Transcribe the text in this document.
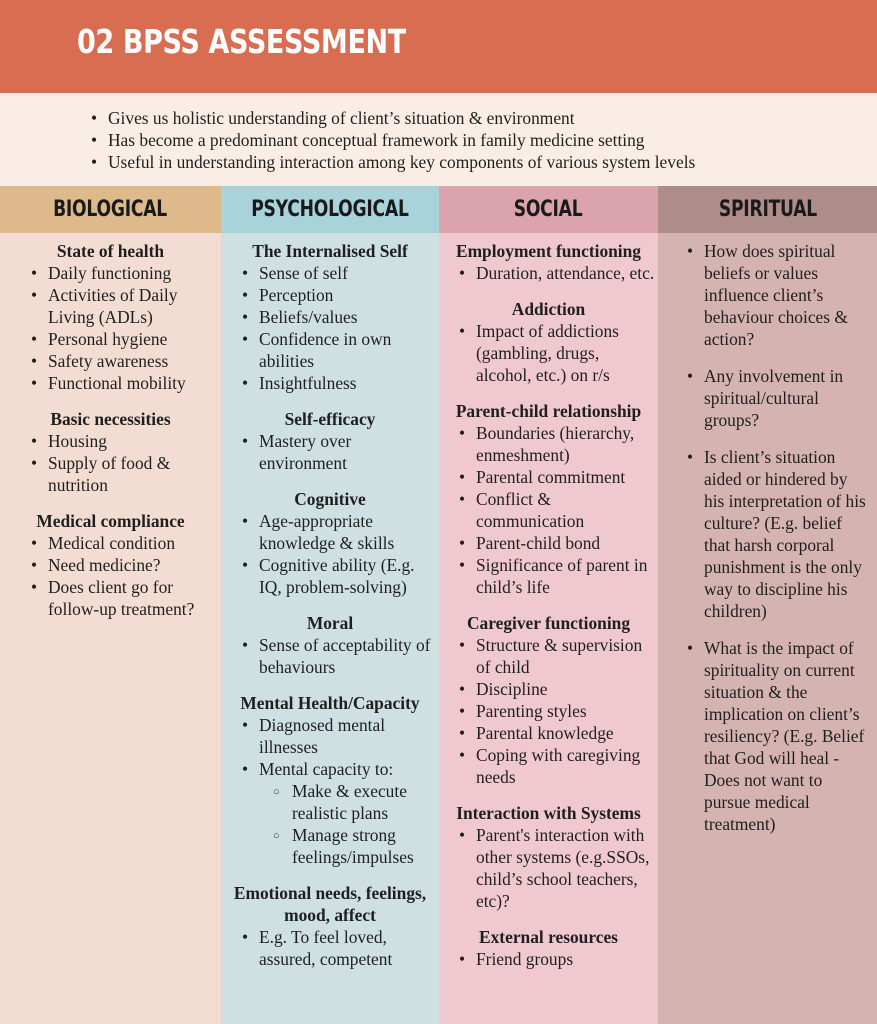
02 BPSS ASSESSMENT
• Gives us holistic understanding of client’s situation & environment
• Has become a predominant conceptual framework in family medicine setting
• Useful in understanding interaction among key components of various system levels
BIOLOGICAL
State of health
• Daily functioning
• Activities of Daily Living (ADLs)
• Personal hygiene
• Safety awareness
• Functional mobility
Basic necessities
• Housing
• Supply of food & nutrition
Medical compliance
• Medical condition
• Need medicine?
• Does client go for follow-up treatment?
PSYCHOLOGICAL
The Internalised Self
• Sense of self
• Perception
• Beliefs/values
• Confidence in own abilities
• Insightfulness
Self-efficacy
• Mastery over environment
Cognitive
• Age-appropriate knowledge & skills
• Cognitive ability (E.g. IQ, problem-solving)
Moral
• Sense of acceptability of behaviours
Mental Health/Capacity
• Diagnosed mental illnesses
• Mental capacity to:
○ Make & execute realistic plans
○ Manage strong feelings/impulses
Emotional needs, feelings, mood, affect
• E.g. To feel loved, assured, competent
SOCIAL
Employment functioning
• Duration, attendance, etc.
Addiction
• Impact of addictions (gambling, drugs, alcohol, etc.) on r/s
Parent-child relationship
• Boundaries (hierarchy, enmeshment)
• Parental commitment
• Conflict & communication
• Parent-child bond
• Significance of parent in child’s life
Caregiver functioning
• Structure & supervision of child
• Discipline
• Parenting styles
• Parental knowledge
• Coping with caregiving needs
Interaction with Systems
• Parent's interaction with other systems (e.g.SSOs, child’s school teachers, etc)?
External resources
• Friend groups
SPIRITUAL
• How does spiritual beliefs or values influence client’s behaviour choices & action?
• Any involvement in spiritual/cultural groups?
• Is client’s situation aided or hindered by his interpretation of his culture? (E.g. belief that harsh corporal punishment is the only way to discipline his children)
• What is the impact of spirituality on current situation & the implication on client’s resiliency? (E.g. Belief that God will heal - Does not want to pursue medical treatment)
